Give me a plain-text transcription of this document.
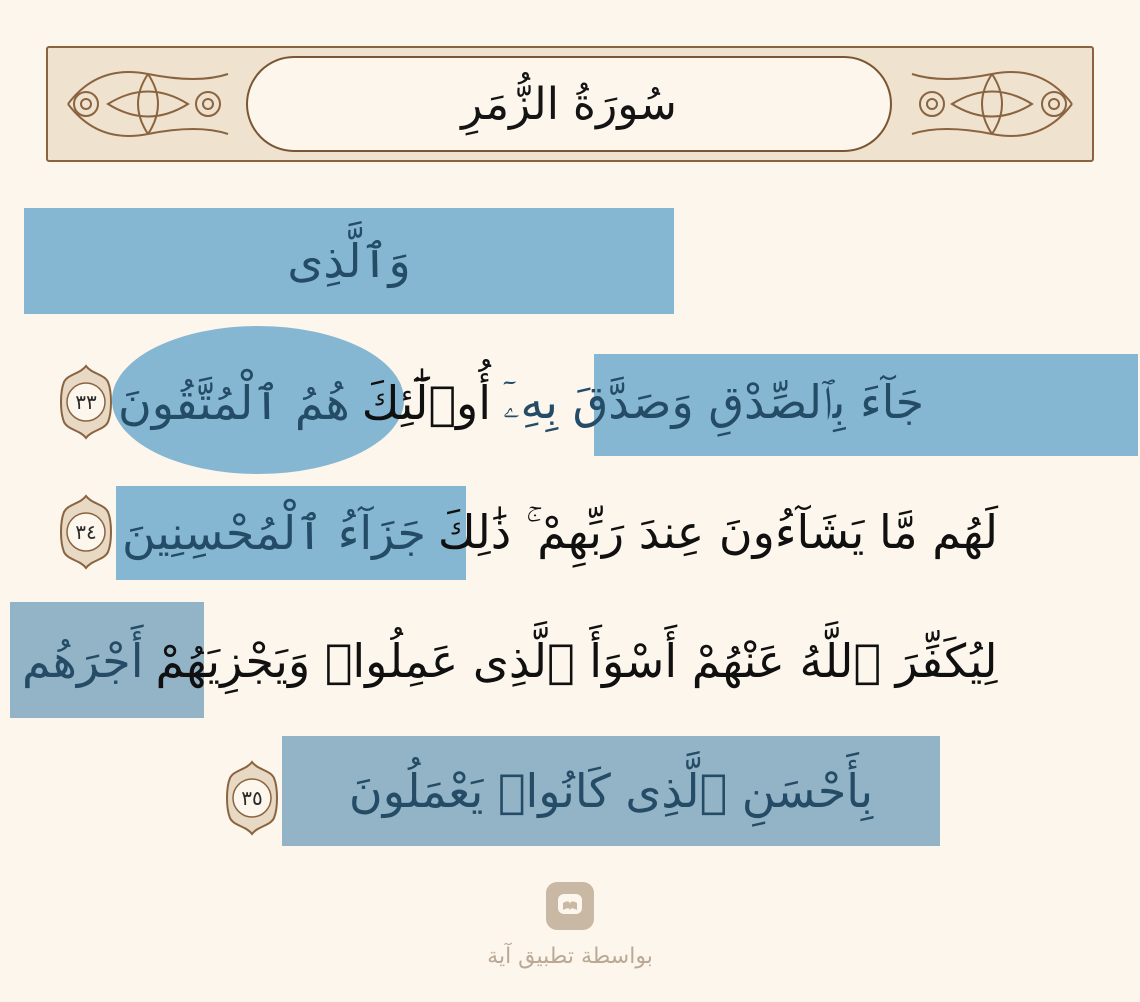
سُورَةُ الزُّمَرِ
وَٱلَّذِى
جَآءَ بِٱلصِّدْقِ وَصَدَّقَ بِهِۦٓ
أُو۟لَٰٓئِكَ
هُمُ ٱلْمُتَّقُونَ
٣٣
لَهُم مَّا يَشَآءُونَ عِندَ رَبِّهِمْ ۚ ذَٰلِكَ
جَزَآءُ ٱلْمُحْسِنِينَ
٣٤
لِيُكَفِّرَ ٱللَّهُ عَنْهُمْ أَسْوَأَ ٱلَّذِى عَمِلُوا۟ وَيَجْزِيَهُمْ
أَجْرَهُم
بِأَحْسَنِ ٱلَّذِى كَانُوا۟ يَعْمَلُونَ
٣٥
بواسطة تطبيق آية
